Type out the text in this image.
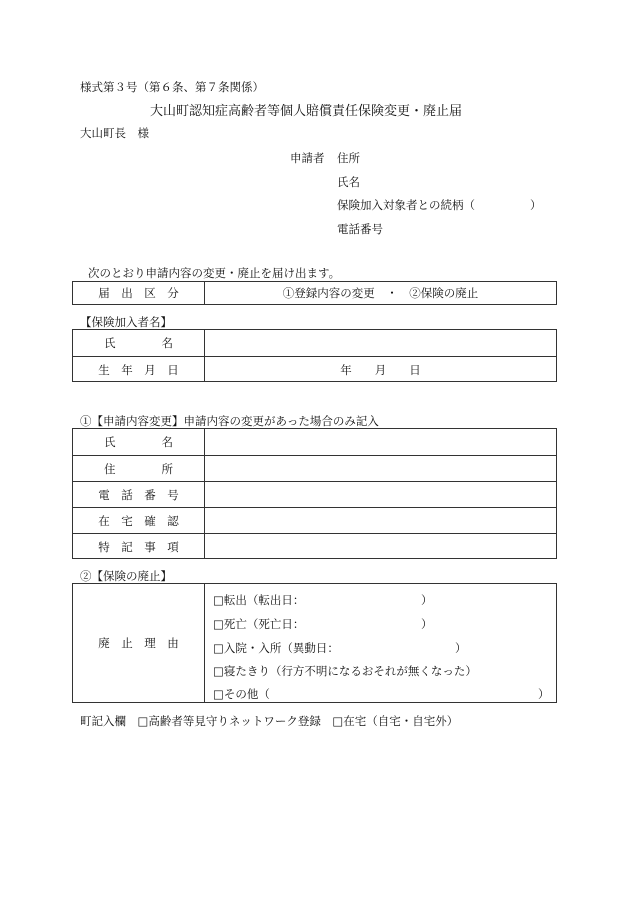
様式第３号（第６条、第７条関係）
大山町認知症高齢者等個人賠償責任保険変更・廃止届
大山町長　様
申請者 住所
氏名
保険加入対象者との続柄（	）
電話番号
次のとおり申請内容の変更・廃止を届け出ます。
届　出　区　分	①登録内容の変更　・　②保険の廃止
【保険加入者名】
氏　　　　名
生　年　月　日	年　　月　　日
①【申請内容変更】申請内容の変更があった場合のみ記入
氏　　　　名
住　　　　所
電　話　番　号
在　宅　確　認
特　記　事　項
②【保険の廃止】
廃　止　理　由
□転出（転出日：	）
□死亡（死亡日：	）
□入院・入所（異動日：	）
□寝たきり（行方不明になるおそれが無くなった）
□その他（	）
町記入欄　□高齢者等見守りネットワーク登録　□在宅（自宅・自宅外）
